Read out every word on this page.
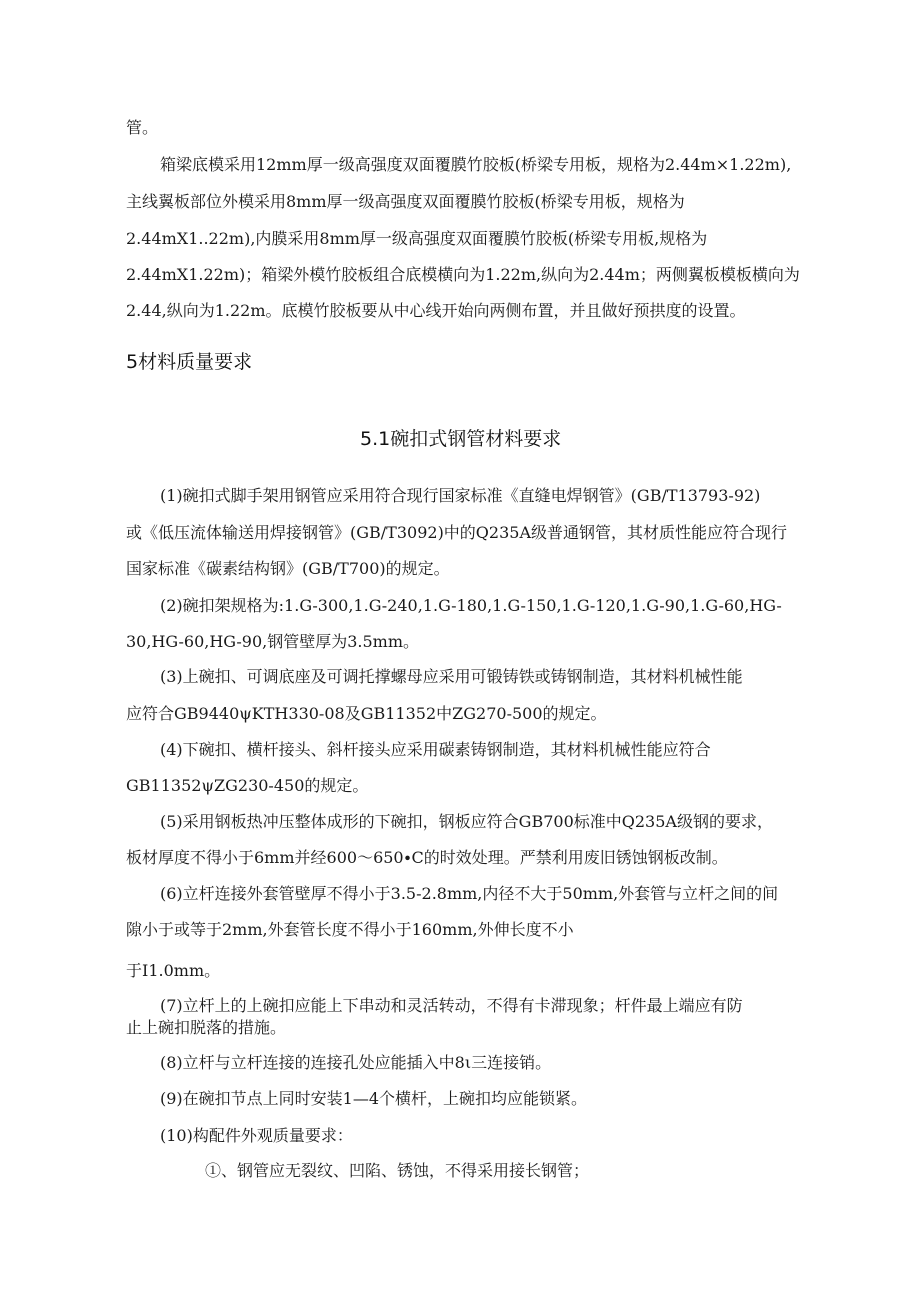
管。
箱梁底模采用12mm厚一级高强度双面覆膜竹胶板(桥梁专用板，规格为2.44m×1.22m),
主线翼板部位外模采用8mm厚一级高强度双面覆膜竹胶板(桥梁专用板，规格为
2.44mX1..22m),内膜采用8mm厚一级高强度双面覆膜竹胶板(桥梁专用板,规格为
2.44mX1.22m)；箱梁外模竹胶板组合底模横向为1.22m,纵向为2.44m；两侧翼板模板横向为
2.44,纵向为1.22m。底模竹胶板要从中心线开始向两侧布置，并且做好预拱度的设置。
5材料质量要求
5.1碗扣式钢管材料要求
(1)碗扣式脚手架用钢管应采用符合现行国家标准《直缝电焊钢管》(GB/T13793-92)
或《低压流体输送用焊接钢管》(GB/T3092)中的Q235A级普通钢管，其材质性能应符合现行
国家标准《碳素结构钢》(GB/T700)的规定。
(2)碗扣架规格为:1.G-300,1.G-240,1.G-180,1.G-150,1.G-120,1.G-90,1.G-60,HG-
30,HG-60,HG-90,钢管壁厚为3.5mm。
(3)上碗扣、可调底座及可调托撑螺母应采用可锻铸铁或铸钢制造，其材料机械性能
应符合GB9440ψKTH330-08及GB11352中ZG270-500的规定。
(4)下碗扣、横杆接头、斜杆接头应采用碳素铸钢制造，其材料机械性能应符合
GB11352ψZG230-450的规定。
(5)采用钢板热冲压整体成形的下碗扣，钢板应符合GB700标准中Q235A级钢的要求，
板材厚度不得小于6mm并经600～650∙C的时效处理。严禁利用废旧锈蚀钢板改制。
(6)立杆连接外套管壁厚不得小于3.5-2.8mm,内径不大于50mm,外套管与立杆之间的间
隙小于或等于2mm,外套管长度不得小于160mm,外伸长度不小
于I1.0mm。
(7)立杆上的上碗扣应能上下串动和灵活转动，不得有卡滞现象；杆件最上端应有防
止上碗扣脱落的措施。
(8)立杆与立杆连接的连接孔处应能插入中8ι三连接销。
(9)在碗扣节点上同时安装1—4个横杆，上碗扣均应能锁紧。
(10)构配件外观质量要求：
①、钢管应无裂纹、凹陷、锈蚀，不得采用接长钢管；
